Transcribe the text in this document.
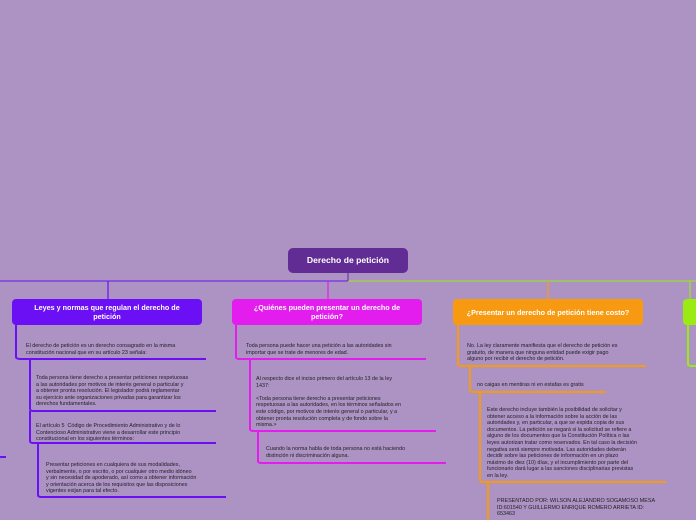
Derecho de petición
Leyes y normas que regulan el derecho de petición
¿Quiénes pueden presentar un derecho de petición?	¿Presentar un derecho de petición tiene costo?
El derecho de petición es un derecho consagrado en la misma
constitución nacional que en su artículo 23 señala:
Toda persona tiene derecho a presentar peticiones respetuosas
a las autoridades por motivos de interés general o particular y
a obtener pronta resolución. El legislador podrá reglamentar
su ejercicio ante organizaciones privadas para garantizar los
derechos fundamentales.
El artículo 5  Código de Procedimiento Administrativo y de lo
Contencioso Administrativo viene a desarrollar este principio
constitucional en los siguientes términos:
Presentar peticiones en cualquiera de sus modalidades,
verbalmente, o por escrito, o por cualquier otro medio idóneo
y sin necesidad de apoderado, así como a obtener información
y orientación acerca de los requisitos que las disposiciones
vigentes exijan para tal efecto.
Toda persona puede hacer una petición a las autoridades sin
importar que se trate de menores de edad.
Al respecto dice el inciso primero del artículo 13 de la ley
1437:

<Toda persona tiene derecho a presentar peticiones
respetuosas a las autoridades, en los términos señalados en
este código, por motivos de interés general o particular, y a
obtener pronta resolución completa y de fondo sobre la
misma.>
Cuando la norma habla de toda persona no está haciendo
distinción ni discriminación alguna.
No. La ley claramente manifiesta que el derecho de petición es
gratuito, de manera que ninguna entidad puede exigir pago
alguno por recibir el derecho de petición.
no caigas en mentiras ni en estafas es gratis
Este derecho incluye también la posibilidad de solicitar y
obtener acceso a la información sobre la acción de las
autoridades y, en particular, a que se expida copia de sus
documentos. La petición se negará si la solicitud se refiere a
alguno de los documentos que la Constitución Política o las
leyes autorizan tratar como reservados. En tal caso la decisión
negativa será siempre motivada. Las autoridades deberán
decidir sobre las peticiones de información en un plazo
máximo de diez (10) días, y el incumplimiento por parte del
funcionario dará lugar a las sanciones disciplinarias previstas
en la ley.
PRESENTADO POR: WILSON ALEJANDRO SOGAMOSO MESA
ID:601540 Y GUILLERMO ENRIQUE ROMERO ARRIETA ID:
653463
